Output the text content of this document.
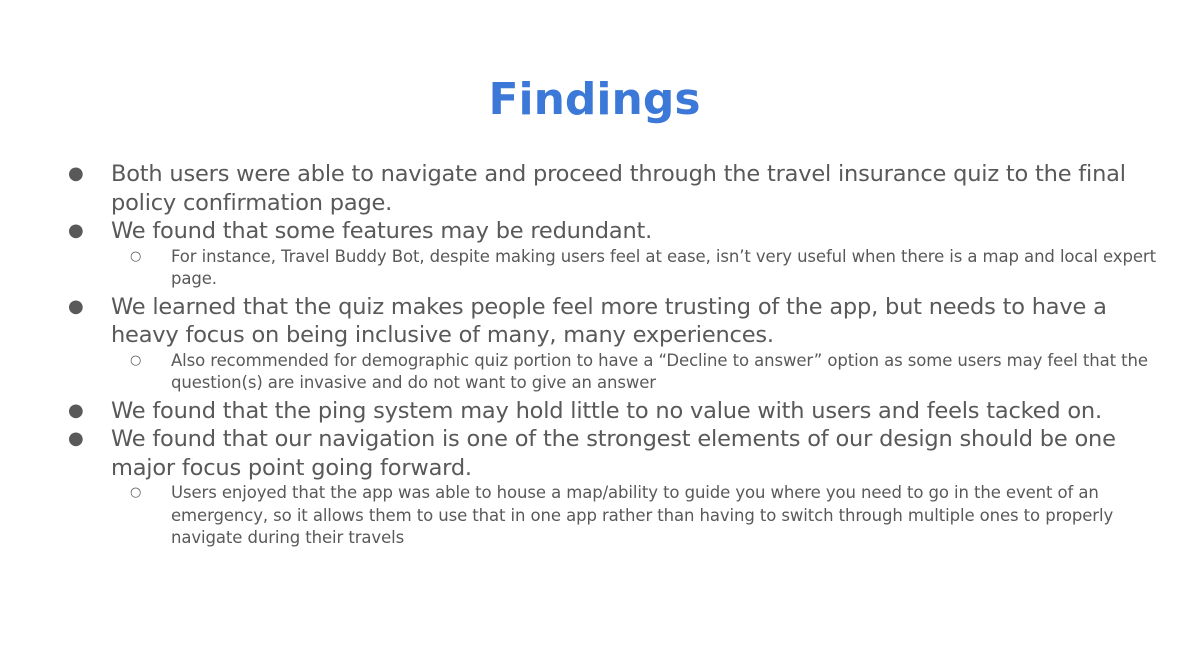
Findings
● Both users were able to navigate and proceed through the travel insurance quiz to the final policy confirmation page.
● We found that some features may be redundant.
○ For instance, Travel Buddy Bot, despite making users feel at ease, isn’t very useful when there is a map and local expert page.
● We learned that the quiz makes people feel more trusting of the app, but needs to have a heavy focus on being inclusive of many, many experiences.
○ Also recommended for demographic quiz portion to have a “Decline to answer” option as some users may feel that the question(s) are invasive and do not want to give an answer
● We found that the ping system may hold little to no value with users and feels tacked on.
● We found that our navigation is one of the strongest elements of our design should be one major focus point going forward.
○ Users enjoyed that the app was able to house a map/ability to guide you where you need to go in the event of an emergency, so it allows them to use that in one app rather than having to switch through multiple ones to properly navigate during their travels
